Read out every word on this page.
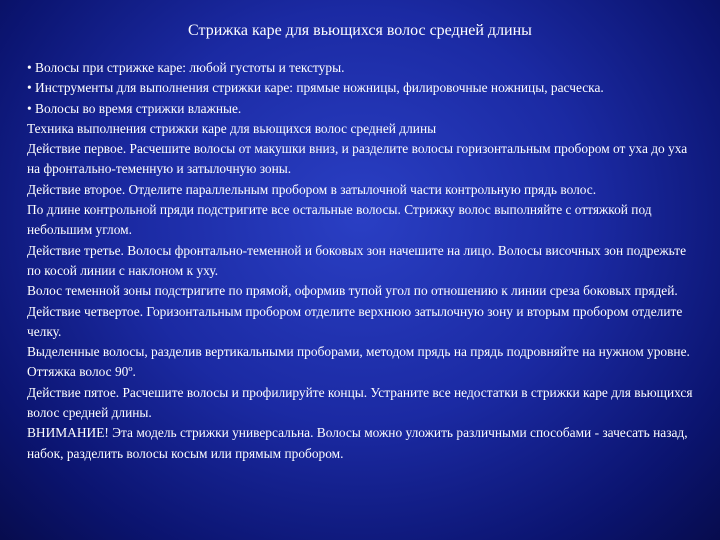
Стрижка каре для вьющихся волос средней длины

• Волосы при стрижке каре: любой густоты и текстуры.

• Инструменты для выполнения стрижки каре: прямые ножницы, филировочные ножницы, расческа.

• Волосы во время стрижки влажные.

Техника выполнения стрижки каре для вьющихся волос средней длины

Действие первое. Расчешите волосы от макушки вниз, и разделите волосы горизонтальным пробором от уха до уха на фронтально-теменную и затылочную зоны.

Действие второе. Отделите параллельным пробором в затылочной части контрольную прядь волос.

По длине контрольной пряди подстригите все остальные волосы. Стрижку волос выполняйте с оттяжкой под небольшим углом.

Действие третье. Волосы фронтально-теменной и боковых зон начешите на лицо. Волосы височных зон подрежьте по косой линии с наклоном к уху.

Волос теменной зоны подстригите по прямой, оформив тупой угол по отношению к линии среза боковых прядей.

Действие четвертое. Горизонтальным пробором отделите верхнюю затылочную зону и вторым пробором отделите челку.

Выделенные волосы, разделив вертикальными проборами, методом прядь на прядь подровняйте на нужном уровне. Оттяжка волос 90º.

Действие пятое. Расчешите волосы и профилируйте концы. Устраните все недостатки в стрижки каре для вьющихся волос средней длины.

ВНИМАНИЕ! Эта модель стрижки универсальна. Волосы можно уложить различными способами - зачесать назад, набок, разделить волосы косым или прямым пробором.
